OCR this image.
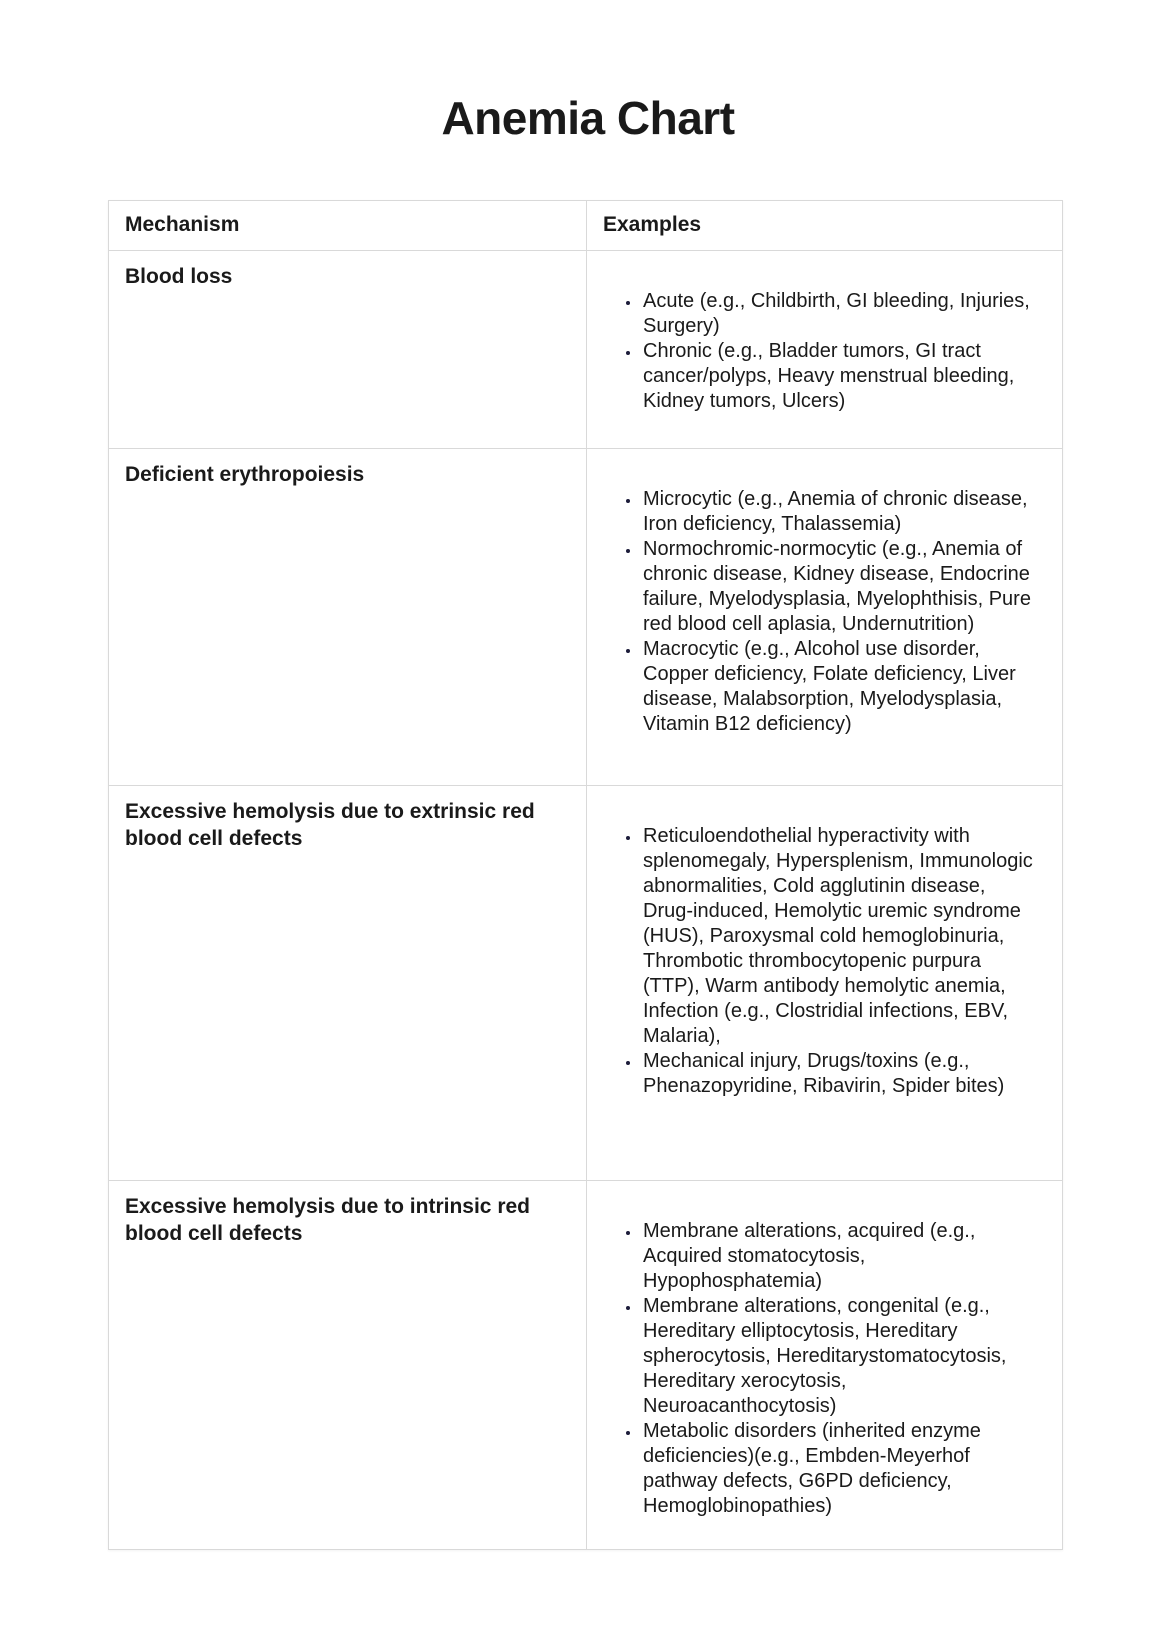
Anemia Chart
Mechanism	Examples
Blood loss	
• Acute (e.g., Childbirth, GI bleeding, Injuries, Surgery)
• Chronic (e.g., Bladder tumors, GI tract cancer/polyps, Heavy menstrual bleeding, Kidney tumors, Ulcers)

Deficient erythropoiesis	
• Microcytic (e.g., Anemia of chronic disease, Iron deficiency, Thalassemia)
• Normochromic-normocytic (e.g., Anemia of chronic disease, Kidney disease, Endocrine failure, Myelodysplasia, Myelophthisis, Pure red blood cell aplasia, Undernutrition)
• Macrocytic (e.g., Alcohol use disorder, Copper deficiency, Folate deficiency, Liver disease, Malabsorption, Myelodysplasia, Vitamin B12 deficiency)

Excessive hemolysis due to extrinsic red blood cell defects	
•Reticuloendothelial hyperactivity with splenomegaly, Hypersplenism, Immunologic abnormalities, Cold agglutinin disease, Drug-induced, Hemolytic uremic syndrome (HUS), Paroxysmal cold hemoglobinuria, Thrombotic thrombocytopenic purpura (TTP), Warm antibody hemolytic anemia, Infection (e.g., Clostridial infections, EBV, Malaria),
• Mechanical injury, Drugs/toxins (e.g., Phenazopyridine, Ribavirin, Spider bites)

Excessive hemolysis due to intrinsic red blood cell defects	
•Membrane alterations, acquired (e.g., Acquired stomatocytosis, Hypophosphatemia)
• Membrane alterations, congenital (e.g., Hereditary elliptocytosis, Hereditary spherocytosis, Hereditarystomatocytosis, Hereditary xerocytosis, Neuroacanthocytosis)
• Metabolic disorders (inherited enzyme deficiencies)(e.g., Embden-Meyerhof pathway defects, G6PD deficiency, Hemoglobinopathies)
